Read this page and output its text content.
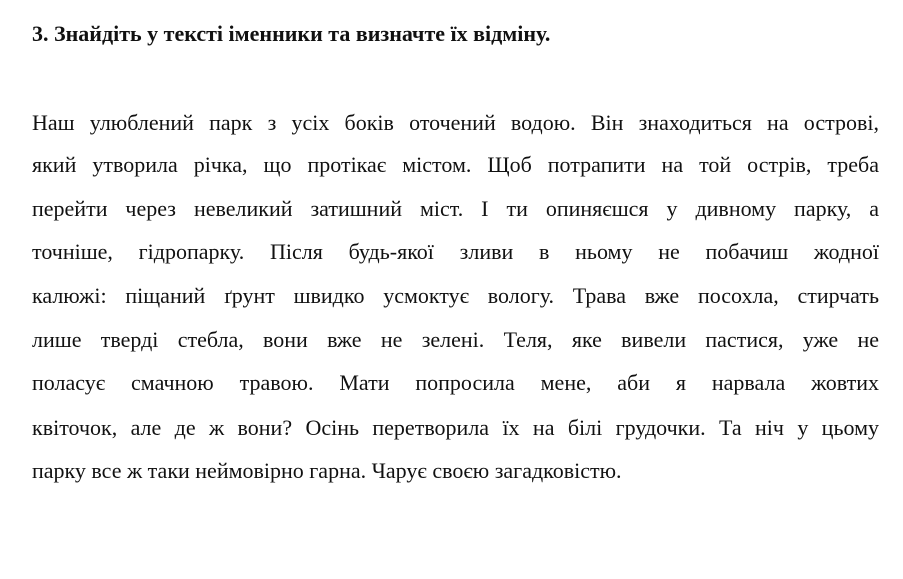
3. Знайдіть у тексті іменники та визначте їх відміну.

Наш улюблений парк з усіх боків оточений водою. Він знаходиться на острові,

який утворила річка, що протікає містом. Щоб потрапити на той острів, треба

перейти через невеликий затишний міст. І ти опиняєшся у дивному парку, а

точніше, гідропарку. Після будь-якої зливи в ньому не побачиш жодної

калюжі: піщаний ґрунт швидко усмоктує вологу. Трава вже посохла, стирчать

лише тверді стебла, вони вже не зелені. Теля, яке вивели пастися, уже не

поласує смачною травою. Мати попросила мене, аби я нарвала жовтих

квіточок, але де ж вони? Осінь перетворила їх на білі грудочки. Та ніч у цьому

парку все ж таки неймовірно гарна. Чарує своєю загадковістю.
